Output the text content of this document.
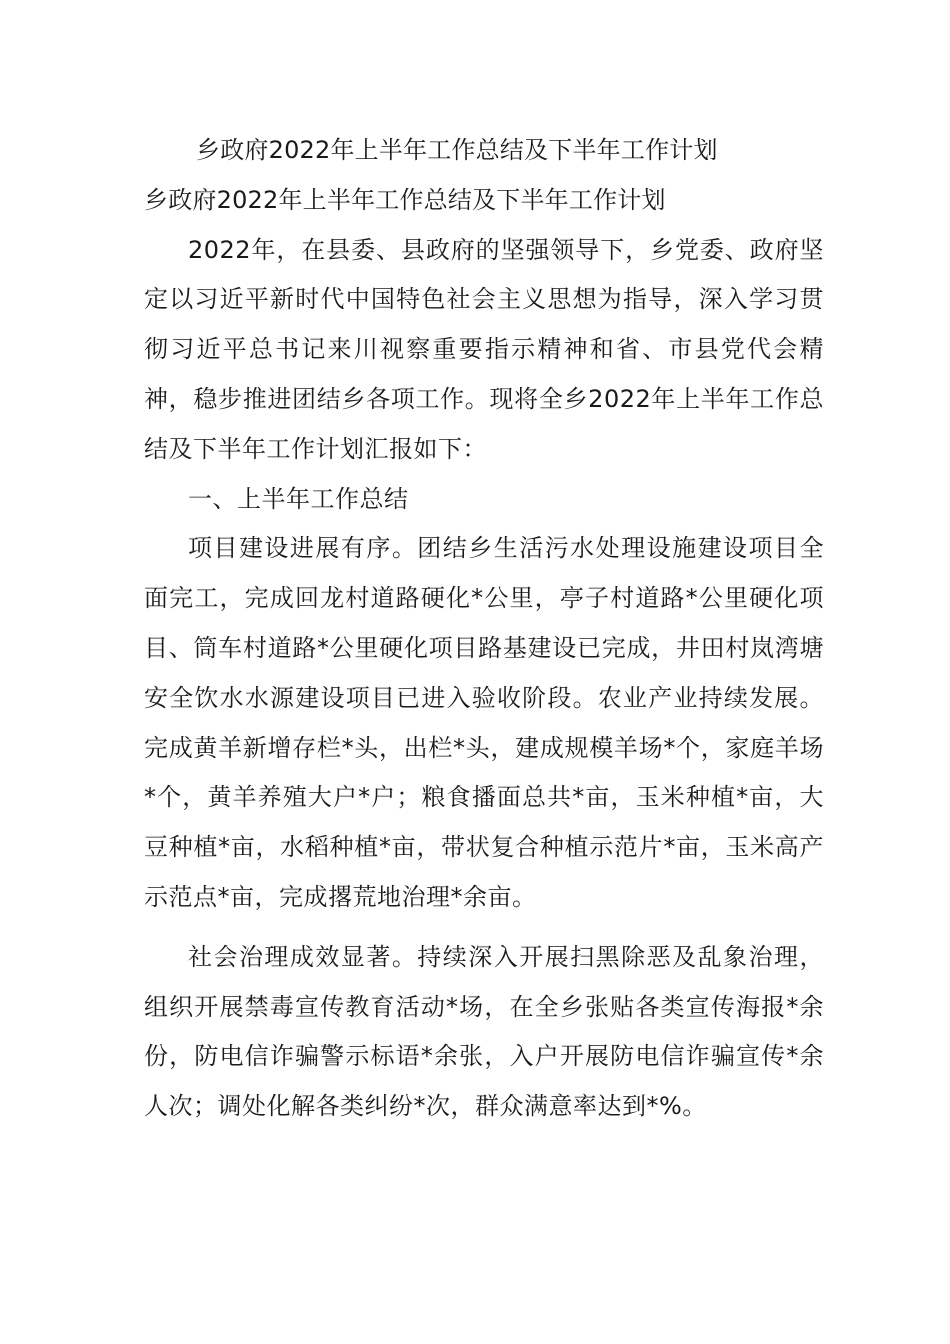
乡政府2022年上半年工作总结及下半年工作计划
乡政府2022年上半年工作总结及下半年工作计划
2022年，在县委、县政府的坚强领导下，乡党委、政府坚定以习近平新时代中国特色社会主义思想为指导，深入学习贯彻习近平总书记来川视察重要指示精神和省、市县党代会精神，稳步推进团结乡各项工作。现将全乡2022年上半年工作总结及下半年工作计划汇报如下：
一、上半年工作总结
项目建设进展有序。团结乡生活污水处理设施建设项目全面完工，完成回龙村道路硬化*公里，亭子村道路*公里硬化项目、筒车村道路*公里硬化项目路基建设已完成，井田村岚湾塘安全饮水水源建设项目已进入验收阶段。农业产业持续发展。完成黄羊新增存栏*头，出栏*头，建成规模羊场*个，家庭羊场*个，黄羊养殖大户*户；粮食播面总共*亩，玉米种植*亩，大豆种植*亩，水稻种植*亩，带状复合种植示范片*亩，玉米高产示范点*亩，完成撂荒地治理*余亩。
社会治理成效显著。持续深入开展扫黑除恶及乱象治理，组织开展禁毒宣传教育活动*场，在全乡张贴各类宣传海报*余份，防电信诈骗警示标语*余张，入户开展防电信诈骗宣传*余人次；调处化解各类纠纷*次，群众满意率达到*%。
